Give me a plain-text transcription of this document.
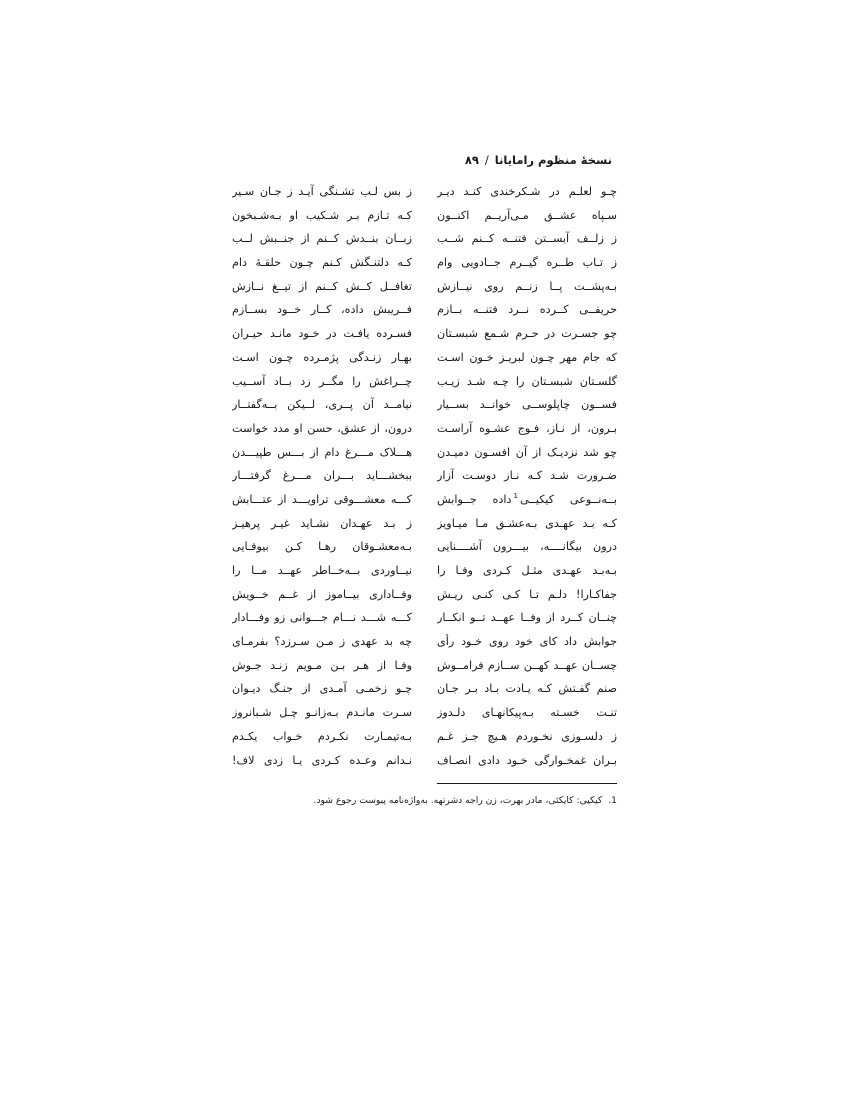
نسخهٔ منظوم رامایانا/۸۹
چـو لعلـم در شـکرخندی کنـد دیـر
سـپاه عشــق مـی‌آریــم اکنــون
ز زلــف آبســتن فتنــه کــنم شــب
ز تـاب طــره گیــرم جــادویی وام
بـه‌پشــت پــا زنــم روی نیــازش
حریفــی کــرده نــرد فتنــه بــازم
چو جسـرت در حـرم شـمع شبسـتان
که جام مهر چـون لبریـز خـون اسـت
گلسـتان شبسـتان را چـه شـد زیـب
فســون چاپلوســی خوانــد بســیار
بـرون، از نـاز، فـوج عشـوه آراسـت
چو شد نزدیـک از آن افسـون دمیـدن
ضـرورت شـد کـه نـاز دوسـت آزار
بــه‌نــوعی کیکیــی$^1$داده جــوابش
کـه بـد عهـدی بـه‌عشـق مـا میـاویز
درون بیگانــــه، بیـــرون آشــــنایی
بـه‌بـد عهـدی مثـل کـردی وفـا را
جفاکـارا! دلـم تـا کـی کنـی ریـش
چنــان کــرد از وفــا عهــد تــو انکــار
جوابش داد کای خود روی خـود رأی
چســان عهــد کهــن ســازم فرامــوش
صنم گفـتش کـه یـادت بـاد بـر جـان
تنـت خسـته بـه‌پیکانهـای دلـدوز
ز دلسـوزی نخـوردم هـیچ جـز غـم
بـران غمخـوارگی خـود دادی انصـاف
ز بس لـب تشـنگی آیـد ز جـان سـیر
کـه تـازم بـر شـکیب او بـه‌شـبخون
زبــان بنــدش کــنم از جنــبش لــب
کـه دلتنـگش کـنم چـون حلقـهٔ دام
تغافــل کــش کــنم از تیــغ نــازش
فــریبش داده، کــار خــود بســازم
فسـرده یافـت در خـود مانـد حیـران
بهـار زنـدگی پژمـرده چـون اسـت
چــراغش را مگــر زد بــاد آســیب
نیامــد آن پــری، لــیکن بــه‌گفتــار
درون، از عشق، حسن او مدد خواست
هـــلاک مـــرغ دام از بـــس طپیـــدن
ببخشـــاید بـــران مـــرغ گرفتـــار
کـــه معشـــوقی تراویـــد از عتـــابش
ز بـد عهـدان نشـاید غیـر پرهیـز
بـه‌معشـوقان رهـا کـن بیوفـایی
نیــاوردی بــه‌خــاطر عهــد مــا را
وفــاداری بیــاموز از غــم خــویش
کـــه شـــد نـــام جـــوانی زو وفـــادار
چه بد عهدی ز مـن سـرزد؟ بفرمـای
وفـا از هـر بـن مـویم زنـد جـوش
چـو زخمـی آمـدی از جنـگ دیـوان
سـرت مانـدم بـه‌زانـو چـل شـبانروز
بـه‌تیمـارت نکـردم خـواب یکـدم
نـدانم وعـده کـردی یـا زدی لاف!
1.کیکیی: کایکئی، مادر بهرت، زن راجه دشرتهه. به‌واژه‌نامه پیوست رجوع شود.
